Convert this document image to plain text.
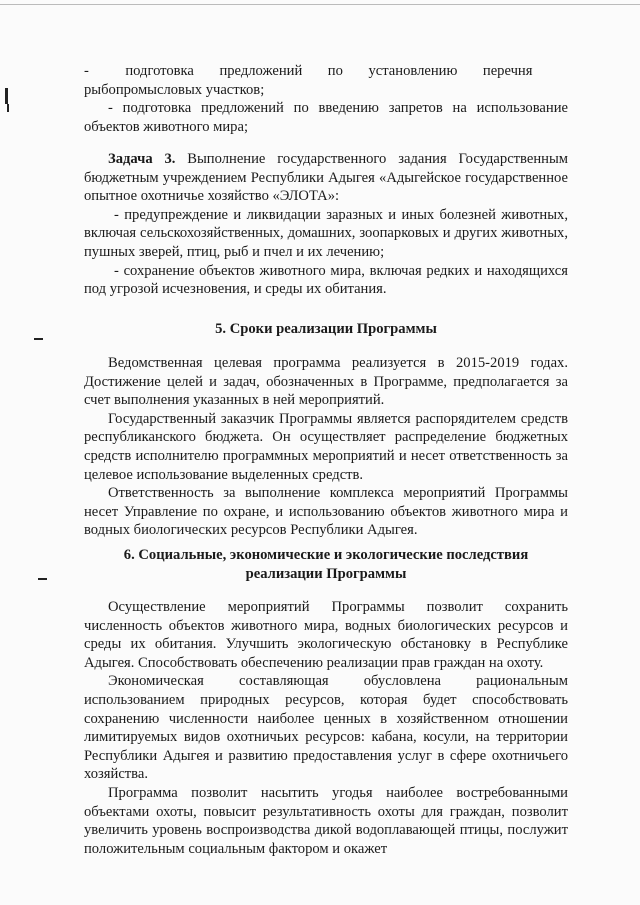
-          подготовка       предложений       по       установлению       перечня

рыбопромысловых участков;

- подготовка предложений по введению запретов на использование объектов животного мира;

Задача 3. Выполнение государственного задания Государственным бюджетным учреждением Республики Адыгея «Адыгейское государственное опытное охотничье хозяйство «ЭЛОТА»:

- предупреждение и ликвидации заразных и иных болезней животных, включая сельскохозяйственных, домашних, зоопарковых и других животных, пушных зверей, птиц, рыб и пчел и их лечению;

- сохранение объектов животного мира, включая редких и находящихся под угрозой исчезновения, и среды их обитания.

5. Сроки реализации Программы

Ведомственная целевая программа реализуется в 2015-2019 годах. Достижение целей и задач, обозначенных в Программе, предполагается за счет выполнения указанных в ней мероприятий.

Государственный заказчик Программы является распорядителем средств республиканского бюджета. Он осуществляет распределение бюджетных средств исполнителю программных мероприятий и несет ответственность за целевое использование выделенных средств.

Ответственность за выполнение комплекса мероприятий Программы несет Управление по охране, и использованию объектов животного мира и водных биологических ресурсов Республики Адыгея.

6. Социальные, экономические и экологические последствия

реализации Программы

Осуществление мероприятий Программы позволит сохранить численность объектов животного мира, водных биологических ресурсов и среды их обитания. Улучшить экологическую обстановку в Республике Адыгея. Способствовать обеспечению реализации прав граждан на охоту.

Экономическая составляющая обусловлена рациональным использованием природных ресурсов, которая будет способствовать сохранению численности наиболее ценных в хозяйственном отношении лимитируемых видов охотничьих ресурсов: кабана, косули, на территории Республики Адыгея и развитию предоставления услуг в сфере охотничьего хозяйства.

Программа позволит насытить угодья наиболее востребованными объектами охоты, повысит результативность охоты для граждан, позволит увеличить уровень воспроизводства дикой водоплавающей птицы, послужит положительным социальным фактором и окажет
